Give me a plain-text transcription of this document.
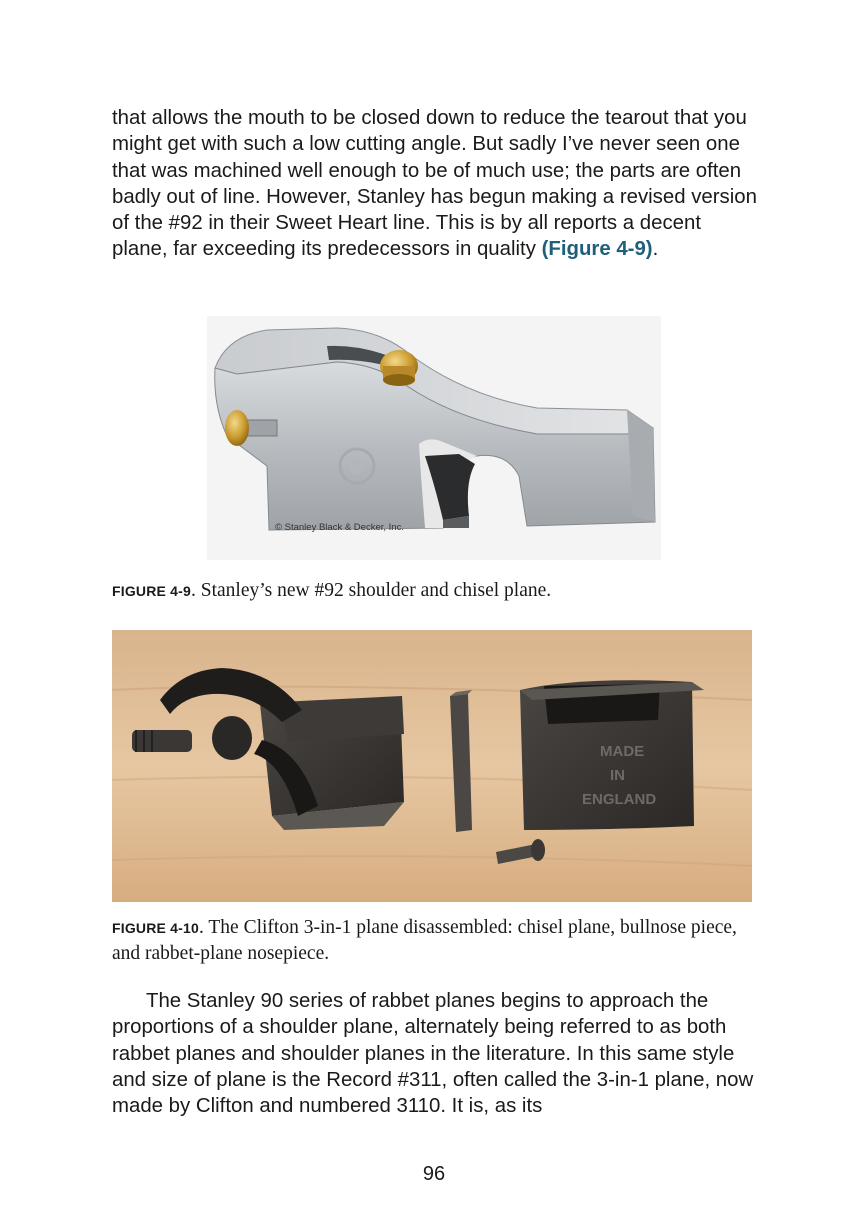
that allows the mouth to be closed down to reduce the tearout that you might get with such a low cutting angle. But sadly I’ve never seen one that was machined well enough to be of much use; the parts are often badly out of line. However, Stanley has begun making a revised version of the #92 in their Sweet Heart line. This is by all reports a decent plane, far exceeding its predecessors in quality (Figure 4-9).

© Stanley Black & Decker, Inc.

FIGURE 4-9. Stanley’s new #92 shoulder and chisel plane.

MADE
IN
ENGLAND

FIGURE 4-10. The Clifton 3-in-1 plane disassembled: chisel plane, bullnose piece, and rabbet-plane nosepiece.

The Stanley 90 series of rabbet planes begins to approach the proportions of a shoulder plane, alternately being referred to as both rabbet planes and shoulder planes in the literature. In this same style and size of plane is the Record #311, often called the 3-in-1 plane, now made by Clifton and numbered 3110. It is, as its

96
